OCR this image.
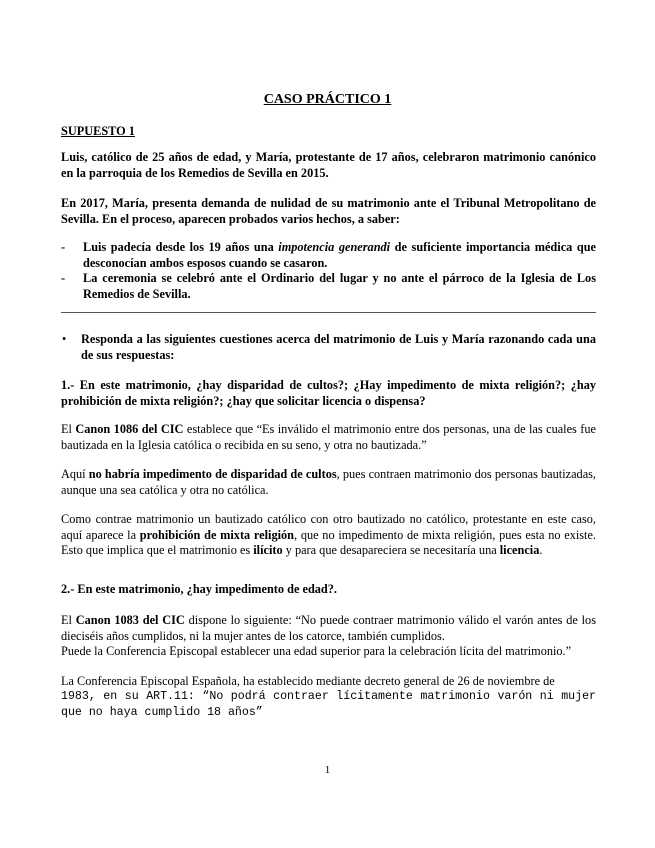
CASO PRÁCTICO 1
SUPUESTO 1
Luis, católico de 25 años de edad, y María, protestante de 17 años, celebraron matrimonio canónico en la parroquia de los Remedios de Sevilla en 2015.
En 2017, María, presenta demanda de nulidad de su matrimonio ante el Tribunal Metropolitano de Sevilla. En el proceso, aparecen probados varios hechos, a saber:
- Luis padecía desde los 19 años una impotencia generandi de suficiente importancia médica que desconocían ambos esposos cuando se casaron.
- La ceremonia se celebró ante el Ordinario del lugar y no ante el párroco de la Iglesia de Los Remedios de Sevilla.
• Responda a las siguientes cuestiones acerca del matrimonio de Luis y María razonando cada una de sus respuestas:
1.- En este matrimonio, ¿hay disparidad de cultos?; ¿Hay impedimento de mixta religión?; ¿hay prohibición de mixta religión?; ¿hay que solicitar licencia o dispensa?
El Canon 1086 del CIC establece que “Es inválido el matrimonio entre dos personas, una de las cuales fue bautizada en la Iglesia católica o recibida en su seno, y otra no bautizada.”
Aquí no habría impedimento de disparidad de cultos, pues contraen matrimonio dos personas bautizadas, aunque una sea católica y otra no católica.
Como contrae matrimonio un bautizado católico con otro bautizado no católico, protestante en este caso, aquí aparece la prohibición de mixta religión, que no impedimento de mixta religión, pues esta no existe. Esto que implica que el matrimonio es ilícito y para que desapareciera se necesitaría una licencia.
2.- En este matrimonio, ¿hay impedimento de edad?.
El Canon 1083 del CIC dispone lo siguiente: “No puede contraer matrimonio válido el varón antes de los dieciséis años cumplidos, ni la mujer antes de los catorce, también cumplidos.
Puede la Conferencia Episcopal establecer una edad superior para la celebración lícita del matrimonio.”
La Conferencia Episcopal Española, ha establecido mediante decreto general de 26 de noviembre de
1983, en su ART.11: “No podrá contraer lícitamente matrimonio varón ni mujer que no haya cumplido 18 años”
1
